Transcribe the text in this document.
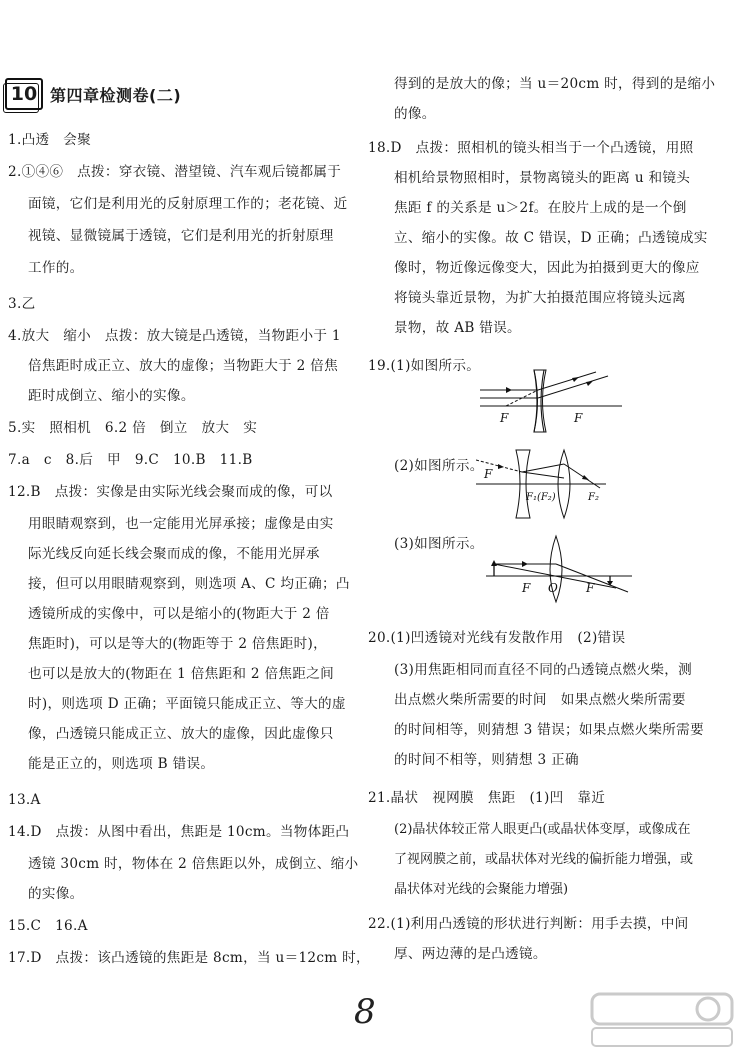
10 第四章检测卷(二)
1.凸透　会聚
2.①④⑥　点拨：穿衣镜、潜望镜、汽车观后镜都属于
面镜，它们是利用光的反射原理工作的；老花镜、近
视镜、显微镜属于透镜，它们是利用光的折射原理
工作的。
3.乙
4.放大　缩小　点拨：放大镜是凸透镜，当物距小于 1
倍焦距时成正立、放大的虚像；当物距大于 2 倍焦
距时成倒立、缩小的实像。
5.实　照相机　6.2 倍　倒立　放大　实
7.a　c　8.后　甲　9.C　10.B　11.B
12.B　点拨：实像是由实际光线会聚而成的像，可以
用眼睛观察到，也一定能用光屏承接；虚像是由实
际光线反向延长线会聚而成的像，不能用光屏承
接，但可以用眼睛观察到，则选项 A、C 均正确；凸
透镜所成的实像中，可以是缩小的(物距大于 2 倍
焦距时)，可以是等大的(物距等于 2 倍焦距时)，
也可以是放大的(物距在 1 倍焦距和 2 倍焦距之间
时)，则选项 D 正确；平面镜只能成正立、等大的虚
像，凸透镜只能成正立、放大的虚像，因此虚像只
能是正立的，则选项 B 错误。
13.A
14.D　点拨：从图中看出，焦距是 10cm。当物体距凸
透镜 30cm 时，物体在 2 倍焦距以外，成倒立、缩小
的实像。
15.C　16.A
17.D　点拨：该凸透镜的焦距是 8cm，当 u＝12cm 时，
得到的是放大的像；当 u＝20cm 时，得到的是缩小
的像。
18.D　点拨：照相机的镜头相当于一个凸透镜，用照
相机给景物照相时，景物离镜头的距离 u 和镜头
焦距 f 的关系是 u＞2f。在胶片上成的是一个倒
立、缩小的实像。故 C 错误，D 正确；凸透镜成实
像时，物近像远像变大，因此为拍摄到更大的像应
将镜头靠近景物，为扩大拍摄范围应将镜头远离
景物，故 AB 错误。
19.(1)如图所示。
F	F
(2)如图所示。 F
F₁(F₂)	F₂
(3)如图所示。
F O F
20.(1)凹透镜对光线有发散作用　(2)错误
(3)用焦距相同而直径不同的凸透镜点燃火柴，测
出点燃火柴所需要的时间　如果点燃火柴所需要
的时间相等，则猜想 3 错误；如果点燃火柴所需要
的时间不相等，则猜想 3 正确
21.晶状　视网膜　焦距　(1)凹　靠近
(2)晶状体较正常人眼更凸(或晶状体变厚，或像成在
了视网膜之前，或晶状体对光线的偏折能力增强，或
晶状体对光线的会聚能力增强)
22.(1)利用凸透镜的形状进行判断：用手去摸，中间
厚、两边薄的是凸透镜。
8
